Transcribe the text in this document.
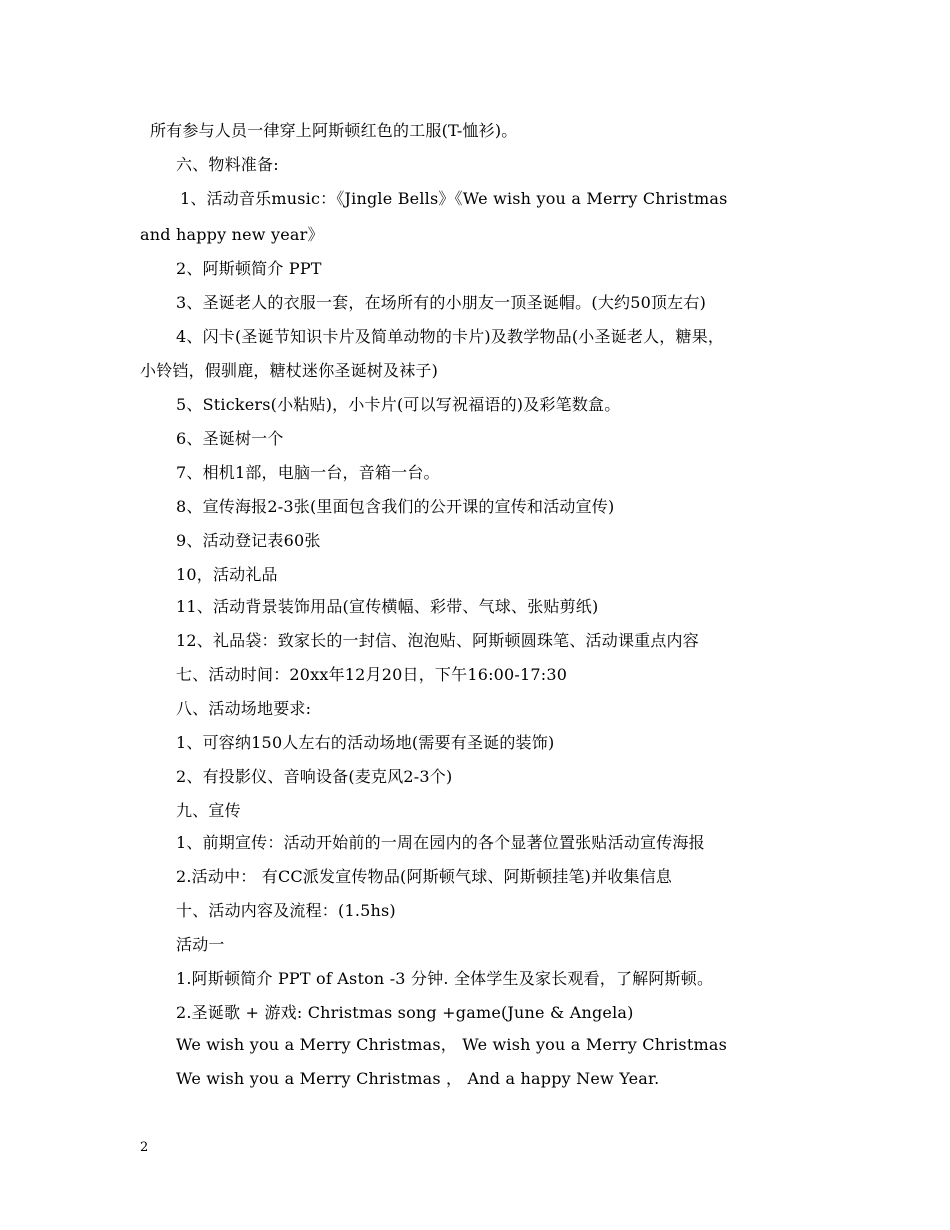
所有参与人员一律穿上阿斯顿红色的工服(T-恤衫)。
六、物料准备:
1、活动音乐music：《Jingle Bells》《We wish you a Merry Christmas
and happy new year》
2、阿斯顿简介 PPT
3、圣诞老人的衣服一套，在场所有的小朋友一顶圣诞帽。(大约50顶左右)
4、闪卡(圣诞节知识卡片及简单动物的卡片)及教学物品(小圣诞老人，糖果，
小铃铛，假驯鹿，糖杖迷你圣诞树及袜子)
5、Stickers(小粘贴)，小卡片(可以写祝福语的)及彩笔数盒。
6、圣诞树一个
7、相机1部，电脑一台，音箱一台。
8、宣传海报2-3张(里面包含我们的公开课的宣传和活动宣传)
9、活动登记表60张
10，活动礼品
11、活动背景装饰用品(宣传横幅、彩带、气球、张贴剪纸)
12、礼品袋：致家长的一封信、泡泡贴、阿斯顿圆珠笔、活动课重点内容
七、活动时间：20xx年12月20日，下午16:00-17:30
八、活动场地要求:
1、可容纳150人左右的活动场地(需要有圣诞的装饰)
2、有投影仪、音响设备(麦克风2-3个)
九、宣传
1、前期宣传：活动开始前的一周在园内的各个显著位置张贴活动宣传海报
2.活动中： 有CC派发宣传物品(阿斯顿气球、阿斯顿挂笔)并收集信息
十、活动内容及流程：(1.5hs)
活动一
1.阿斯顿简介 PPT of Aston -3 分钟. 全体学生及家长观看，了解阿斯顿。
2.圣诞歌 + 游戏: Christmas song +game(June & Angela)
We wish you a Merry Christmas， We wish you a Merry Christmas
We wish you a Merry Christmas ， And a happy New Year.
2
